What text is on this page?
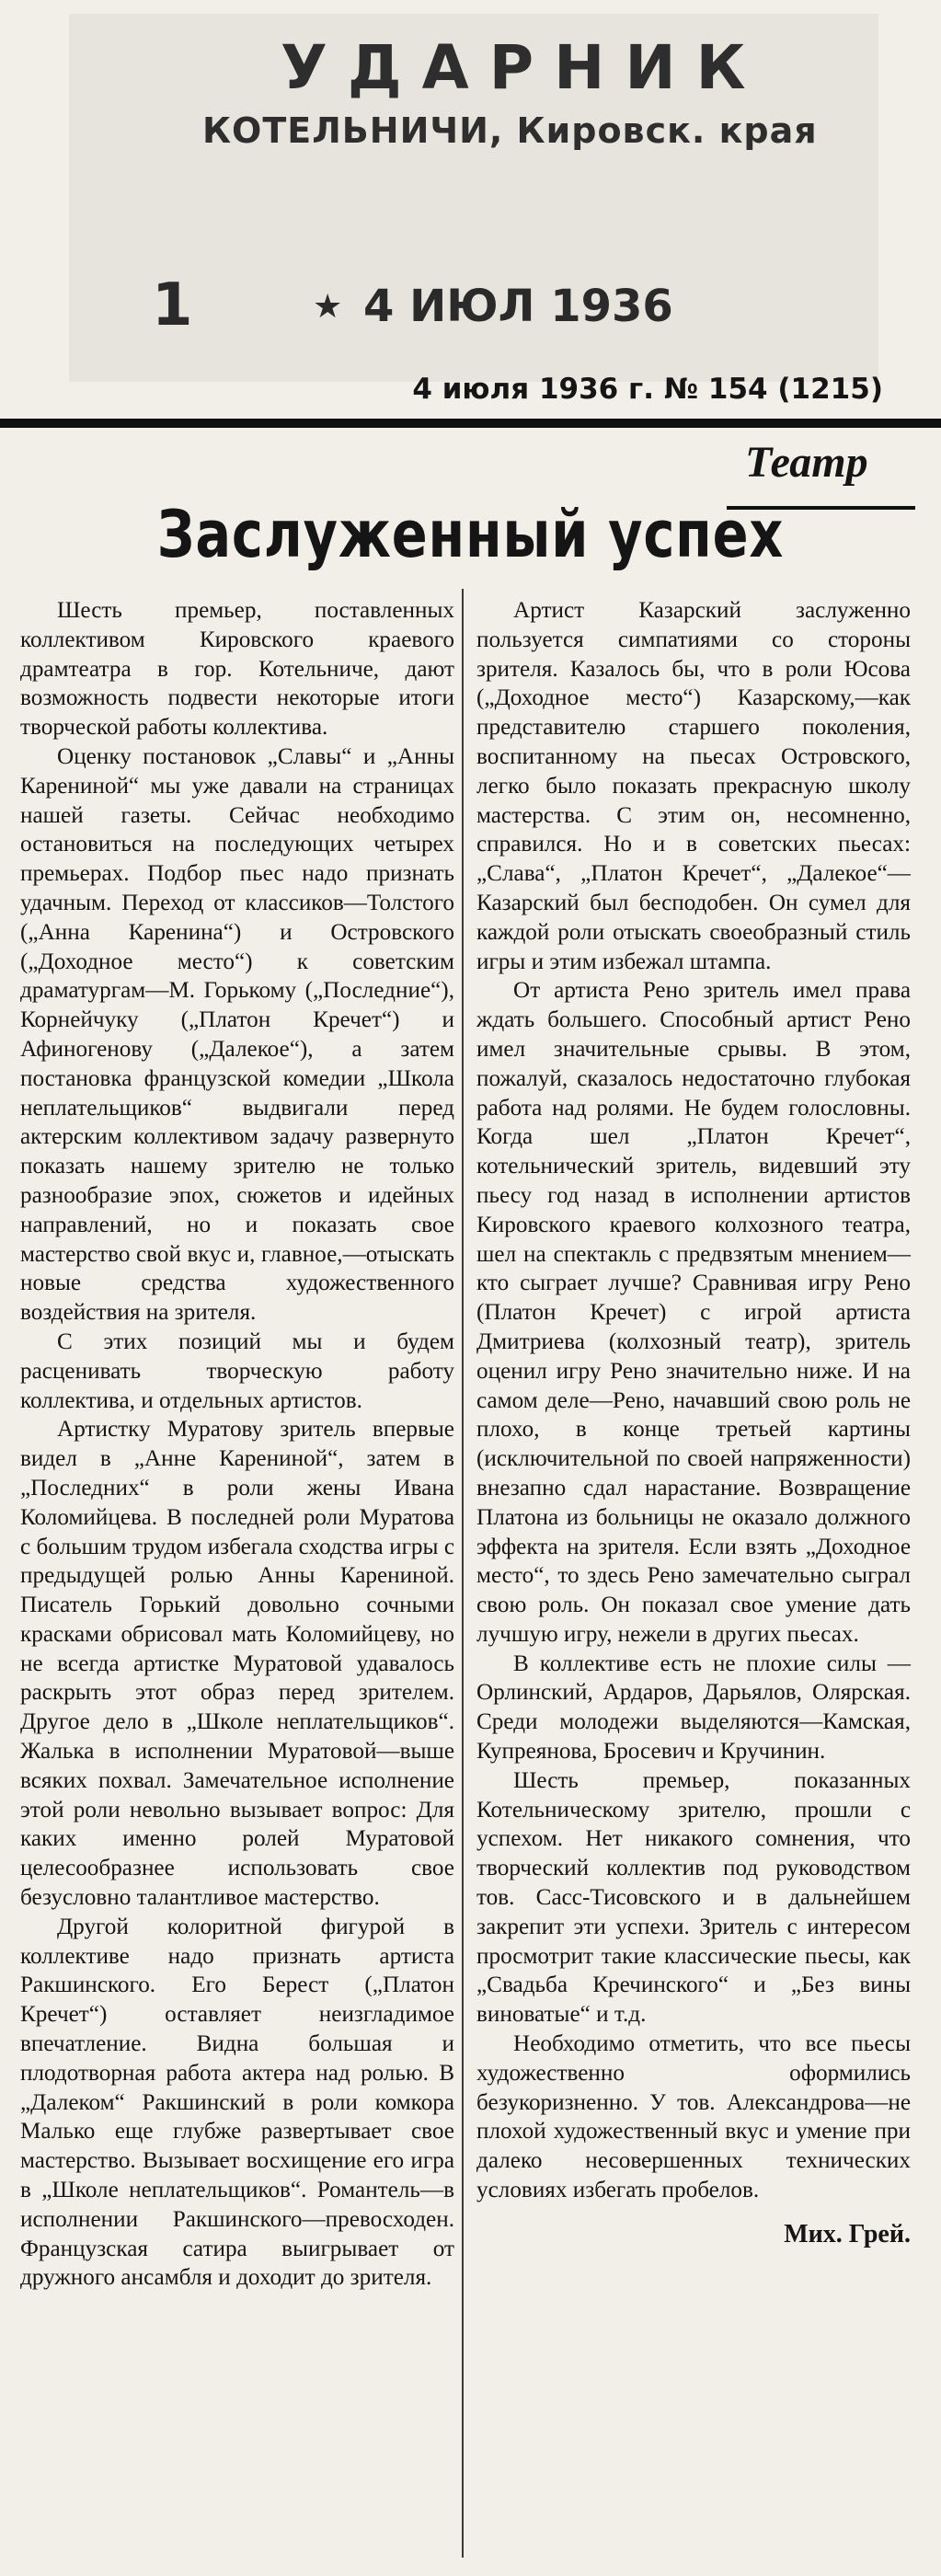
УДАРНИК
КОТЕЛЬНИЧИ, Кировск. края
1	★ 4 ИЮЛ 1936
4 июля 1936 г. № 154 (1215)
Театр
Заслуженный успех

Шесть премьер, поставленных коллективом Кировского краевого драмтеатра в гор. Котельниче, дают возможность подвести некоторые итоги творческой работы коллектива.

Оценку постановок „Славы“ и „Анны Карениной“ мы уже давали на страницах нашей газеты. Сейчас необходимо остановиться на последующих четырех премьерах. Подбор пьес надо признать удачным. Переход от классиков—Толстого („Анна Каренина“) и Островского („Доходное место“) к советским драматургам—М. Горькому („Последние“), Корнейчуку („Платон Кречет“) и Афиногенову („Далекое“), а затем постановка французской комедии „Школа неплательщиков“ выдвигали перед актерским коллективом задачу развернуто показать нашему зрителю не только разнообразие эпох, сюжетов и идейных направлений, но и показать свое мастерство свой вкус и, главное,—отыскать новые средства художественного воздействия на зрителя.

С этих позиций мы и будем расценивать творческую работу коллектива, и отдельных артистов.

Артистку Муратову зритель впервые видел в „Анне Карениной“, затем в „Последних“ в роли жены Ивана Коломийцева. В последней роли Муратова с большим трудом избегала сходства игры с предыдущей ролью Анны Карениной. Писатель Горький довольно сочными красками обрисовал мать Коломийцеву, но не всегда артистке Муратовой удавалось раскрыть этот образ перед зрителем. Другое дело в „Школе неплательщиков“. Жалька в исполнении Муратовой—выше всяких похвал. Замечательное исполнение этой роли невольно вызывает вопрос: Для каких именно ролей Муратовой целесообразнее использовать свое безусловно талантливое мастерство.

Другой колоритной фигурой в коллективе надо признать артиста Ракшинского. Его Берест („Платон Кречет“) оставляет неизгладимое впечатление. Видна большая и плодотворная работа актера над ролью. В „Далеком“ Ракшинский в роли комкора Малько еще глубже развертывает свое мастерство. Вызывает восхищение его игра в „Школе неплательщиков“. Романтель—в исполнении Ракшинского—превосходен. Французская сатира выигрывает от дружного ансамбля и доходит до зрителя.

Артист Казарский заслуженно пользуется симпатиями со стороны зрителя. Казалось бы, что в роли Юсова („Доходное место“) Казарскому,—как представителю старшего поколения, воспитанному на пьесах Островского, легко было показать прекрасную школу мастерства. С этим он, несомненно, справился. Но и в советских пьесах: „Слава“, „Платон Кречет“, „Далекое“—Казарский был бесподобен. Он сумел для каждой роли отыскать своеобразный стиль игры и этим избежал штампа.

От артиста Рено зритель имел права ждать большего. Способный артист Рено имел значительные срывы. В этом, пожалуй, сказалось недостаточно глубокая работа над ролями. Не будем голословны. Когда шел „Платон Кречет“, котельнический зритель, видевший эту пьесу год назад в исполнении артистов Кировского краевого колхозного театра, шел на спектакль с предвзятым мнением—кто сыграет лучше? Сравнивая игру Рено (Платон Кречет) с игрой артиста Дмитриева (колхозный театр), зритель оценил игру Рено значительно ниже. И на самом деле—Рено, начавший свою роль не плохо, в конце третьей картины (исключительной по своей напряженности) внезапно сдал нарастание. Возвращение Платона из больницы не оказало должного эффекта на зрителя. Если взять „Доходное место“, то здесь Рено замечательно сыграл свою роль. Он показал свое умение дать лучшую игру, нежели в других пьесах.

В коллективе есть не плохие силы — Орлинский, Ардаров, Дарьялов, Олярская. Среди молодежи выделяются—Камская, Купреянова, Бросевич и Кручинин.

Шесть премьер, показанных Котельническому зрителю, прошли с успехом. Нет никакого сомнения, что творческий коллектив под руководством тов. Сасс-Тисовского и в дальнейшем закрепит эти успехи. Зритель с интересом просмотрит такие классические пьесы, как „Свадьба Кречинского“ и „Без вины виноватые“ и т.д.

Необходимо отметить, что все пьесы художественно оформились безукоризненно. У тов. Александрова—не плохой художественный вкус и умение при далеко несовершенных технических условиях избегать пробелов.

Мих. Грей.
